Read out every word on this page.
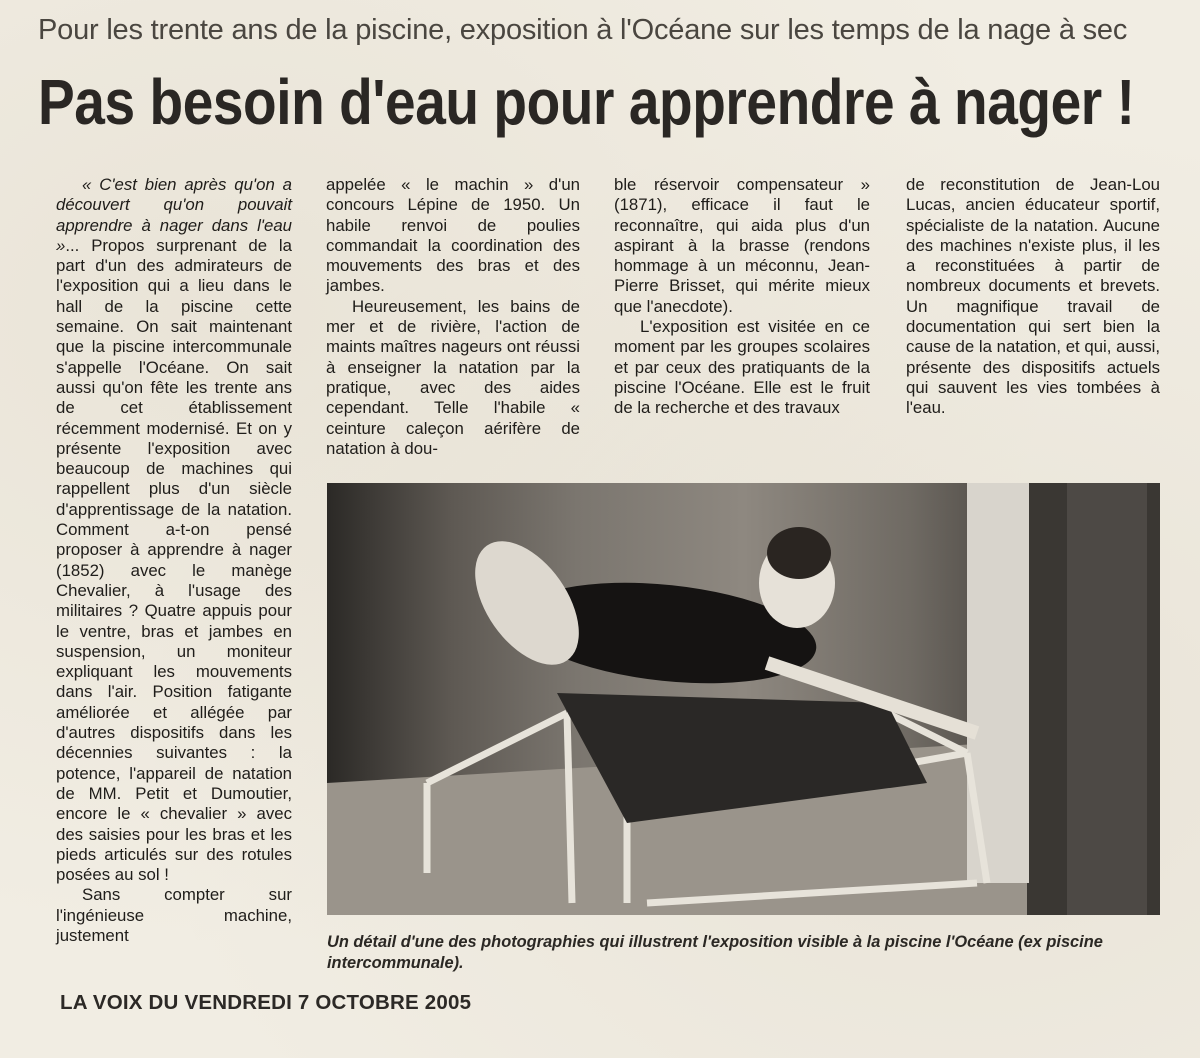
Pour les trente ans de la piscine, exposition à l'Océane sur les temps de la nage à sec
Pas besoin d'eau pour apprendre à nager !

« C'est bien après qu'on a découvert qu'on pouvait apprendre à nager dans l'eau »... Propos surprenant de la part d'un des admirateurs de l'exposition qui a lieu dans le hall de la piscine cette semaine. On sait maintenant que la piscine intercommunale s'appelle l'Océane. On sait aussi qu'on fête les trente ans de cet établissement récemment modernisé. Et on y présente l'exposition avec beaucoup de machines qui rappellent plus d'un siècle d'apprentissage de la natation. Comment a-t-on pensé proposer à apprendre à nager (1852) avec le manège Chevalier, à l'usage des militaires ? Quatre appuis pour le ventre, bras et jambes en suspension, un moniteur expliquant les mouvements dans l'air. Position fatigante améliorée et allégée par d'autres dispositifs dans les décennies suivantes : la potence, l'appareil de natation de MM. Petit et Dumoutier, encore le « chevalier » avec des saisies pour les bras et les pieds articulés sur des rotules posées au sol !

Sans compter sur l'ingénieuse machine, justement

appelée « le machin » d'un concours Lépine de 1950. Un habile renvoi de poulies commandait la coordination des mouvements des bras et des jambes.

Heureusement, les bains de mer et de rivière, l'action de maints maîtres nageurs ont réussi à enseigner la natation par la pratique, avec des aides cependant. Telle l'habile « ceinture caleçon aérifère de natation à dou-

ble réservoir compensateur » (1871), efficace il faut le reconnaître, qui aida plus d'un aspirant à la brasse (rendons hommage à un méconnu, Jean-Pierre Brisset, qui mérite mieux que l'anecdote).

L'exposition est visitée en ce moment par les groupes scolaires et par ceux des pratiquants de la piscine l'Océane. Elle est le fruit de la recherche et des travaux

de reconstitution de Jean-Lou Lucas, ancien éducateur sportif, spécialiste de la natation. Aucune des machines n'existe plus, il les a reconstituées à partir de nombreux documents et brevets. Un magnifique travail de documentation qui sert bien la cause de la natation, et qui, aussi, présente des dispositifs actuels qui sauvent les vies tombées à l'eau.

Un détail d'une des photographies qui illustrent l'exposition visible à la piscine l'Océane (ex piscine intercommunale).
LA VOIX DU VENDREDI 7 OCTOBRE 2005
